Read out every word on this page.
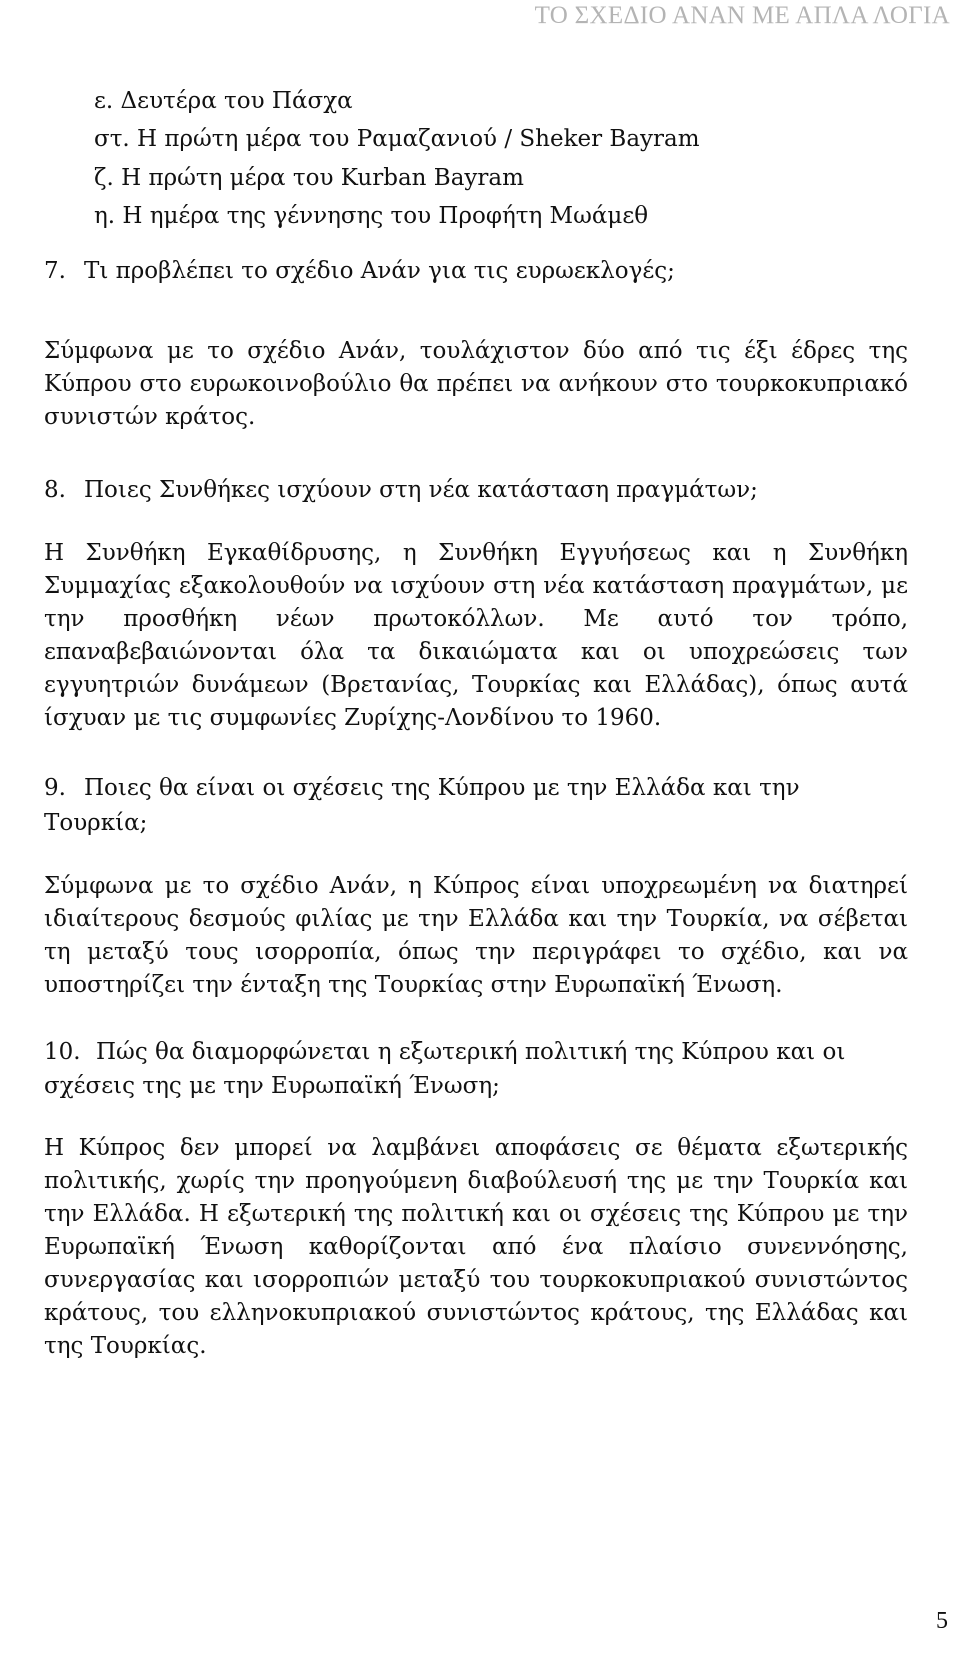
ΤΟ ΣΧΕΔΙΟ ΑΝΑΝ ΜΕ ΑΠΛΑ ΛΟΓΙΑ
ε. Δευτέρα του Πάσχα
στ. Η πρώτη μέρα του Ραμαζανιού / Sheker Bayram
ζ. Η πρώτη μέρα του Kurban Bayram
η. Η ημέρα της γέννησης του Προφήτη Μωάμεθ
7. Τι προβλέπει το σχέδιο Ανάν για τις ευρωεκλογές;
Σύμφωνα με το σχέδιο Ανάν, τουλάχιστον δύο από τις έξι έδρες της Κύπρου στο ευρωκοινοβούλιο θα πρέπει να ανήκουν στο τουρκοκυπριακό συνιστών κράτος.
8. Ποιες Συνθήκες ισχύουν στη νέα κατάσταση πραγμάτων;
Η Συνθήκη Εγκαθίδρυσης, η Συνθήκη Εγγυήσεως και η Συνθήκη Συμμαχίας εξακολουθούν να ισχύουν στη νέα κατάσταση πραγμάτων, με την προσθήκη νέων πρωτοκόλλων. Με αυτό τον τρόπο, επαναβεβαιώνονται όλα τα δικαιώματα και οι υποχρεώσεις των εγγυητριών δυνάμεων (Βρετανίας, Τουρκίας και Ελλάδας), όπως αυτά ίσχυαν με τις συμφωνίες Ζυρίχης-Λονδίνου το 1960.
9. Ποιες θα είναι οι σχέσεις της Κύπρου με την Ελλάδα και την
Τουρκία;
Σύμφωνα με το σχέδιο Ανάν, η Κύπρος είναι υποχρεωμένη να διατηρεί ιδιαίτερους δεσμούς φιλίας με την Ελλάδα και την Τουρκία, να σέβεται τη μεταξύ τους ισορροπία, όπως την περιγράφει το σχέδιο, και να υποστηρίζει την ένταξη της Τουρκίας στην Ευρωπαϊκή Ένωση.
10. Πώς θα διαμορφώνεται η εξωτερική πολιτική της Κύπρου και οι
σχέσεις της με την Ευρωπαϊκή Ένωση;
Η Κύπρος δεν μπορεί να λαμβάνει αποφάσεις σε θέματα εξωτερικής πολιτικής, χωρίς την προηγούμενη διαβούλευσή της με την Τουρκία και την Ελλάδα. Η εξωτερική της πολιτική και οι σχέσεις της Κύπρου με την Ευρωπαϊκή Ένωση καθορίζονται από ένα πλαίσιο συνεννόησης, συνεργασίας και ισορροπιών μεταξύ του τουρκοκυπριακού συνιστώντος κράτους, του ελληνοκυπριακού συνιστώντος κράτους, της Ελλάδας και της Τουρκίας.
5
